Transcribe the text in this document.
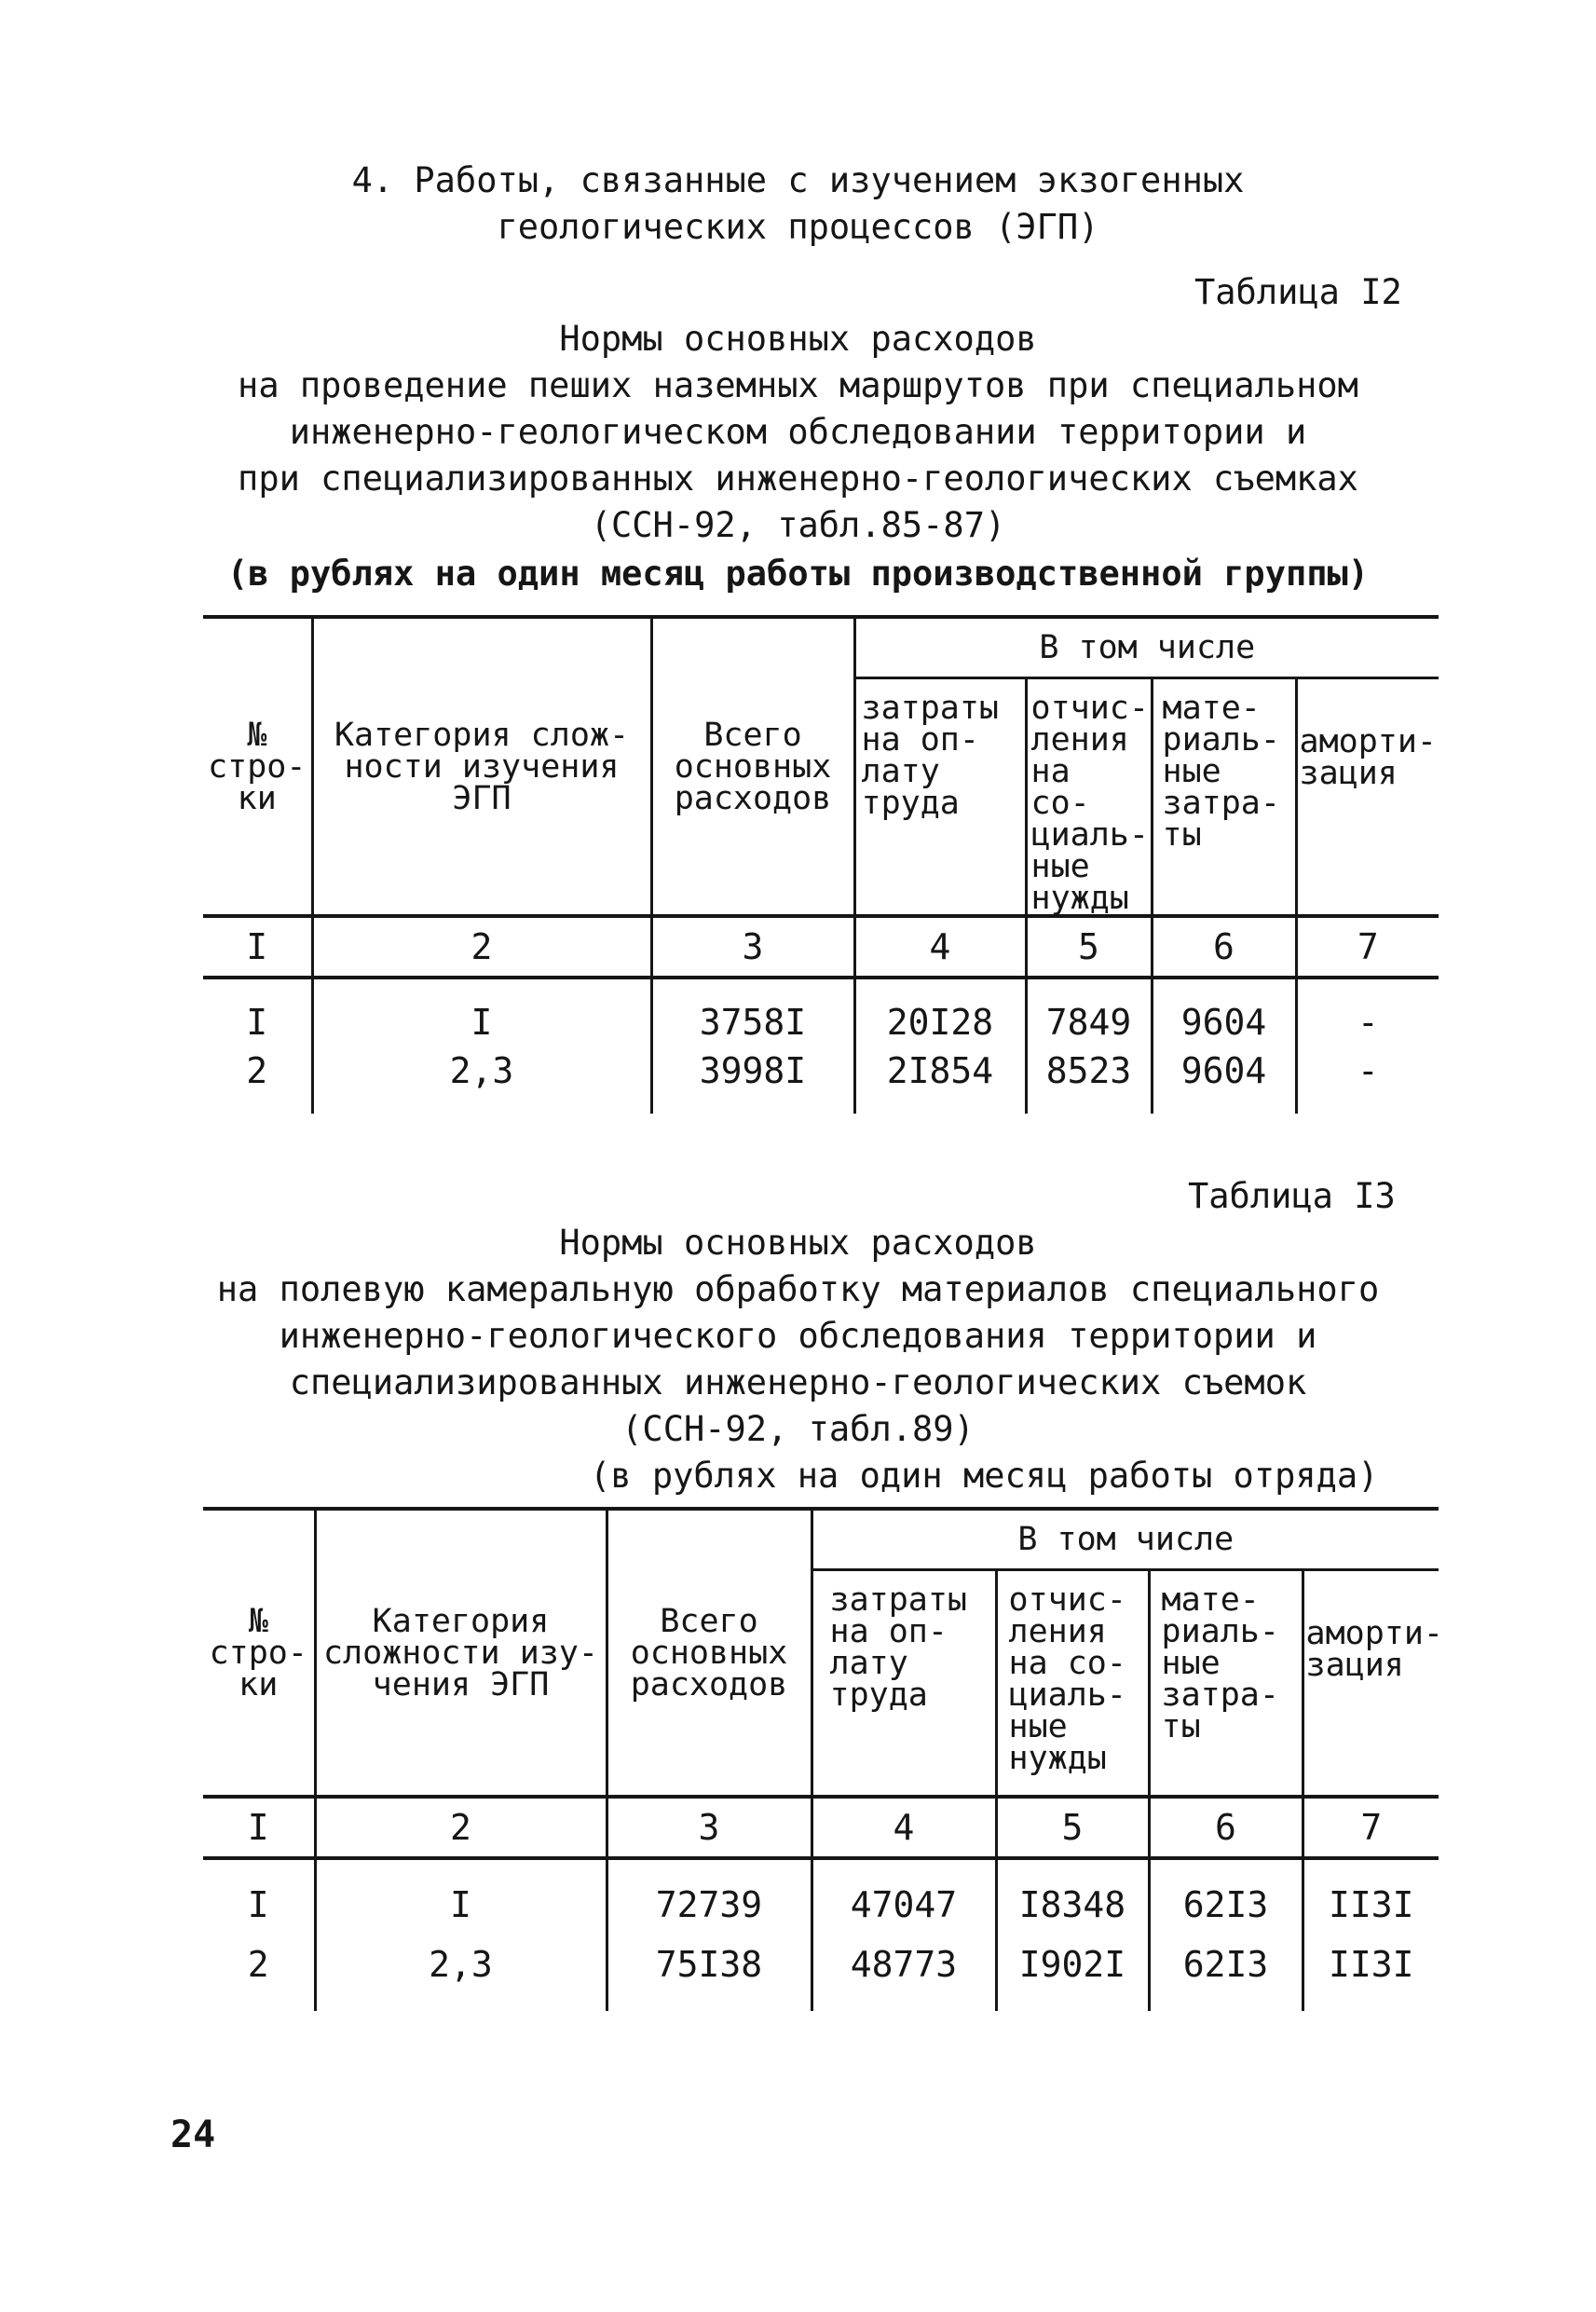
4. Работы, связанные с изучением экзогенных
геологических процессов (ЭГП)
Таблица I2
Нормы основных расходов
на проведение пеших наземных маршрутов при специальном
инженерно-геологическом обследовании территории и
при специализированных инженерно-геологических съемках
(ССН-92, табл.85-87)
(в рублях на один месяц работы производственной группы)
№ стро- ки	Категория слож- ности изучения ЭГП	Всего основных расходов	В том числе			
			затраты на оп- лату труда	отчис- ления на со- циаль- ные нужды	мате- риаль- ные затра- ты	аморти- зация
I	2	3	4	5	6	7
I	I	3758I	20I28	7849	9604	-
2	2,3	3998I	2I854	8523	9604	-
Таблица I3
Нормы основных расходов
на полевую камеральную обработку материалов специального
инженерно-геологического обследования территории и
специализированных инженерно-геологических съемок
(ССН-92, табл.89)
(в рублях на один месяц работы отряда)
№ стро- ки	Категория сложности изу- чения ЭГП	Всего основных расходов	В том числе			
			затраты на оп- лату труда	отчис- ления на со- циаль- ные нужды	мате- риаль- ные затра- ты	аморти- зация
I	2	3	4	5	6	7
I	I	72739	47047	I8348	62I3	II3I
2	2,3	75I38	48773	I902I	62I3	II3I
24
